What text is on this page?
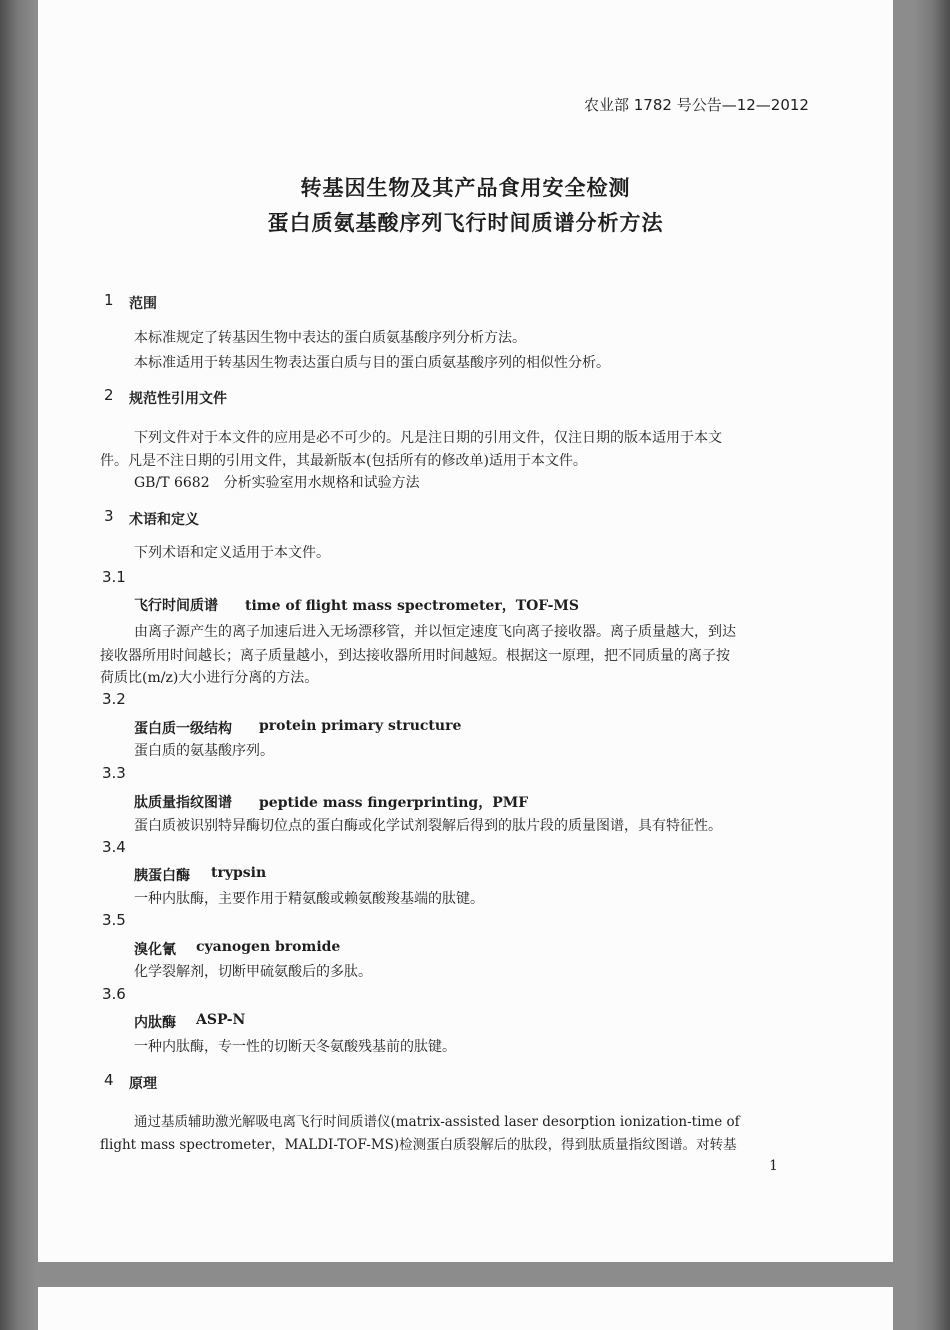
农业部 1782 号公告—12—2012
转基因生物及其产品食用安全检测
蛋白质氨基酸序列飞行时间质谱分析方法
1 范围
本标准规定了转基因生物中表达的蛋白质氨基酸序列分析方法。
本标准适用于转基因生物表达蛋白质与目的蛋白质氨基酸序列的相似性分析。
2 规范性引用文件
下列文件对于本文件的应用是必不可少的。凡是注日期的引用文件，仅注日期的版本适用于本文
件。凡是不注日期的引用文件，其最新版本(包括所有的修改单)适用于本文件。
GB/T 6682　分析实验室用水规格和试验方法
3 术语和定义
下列术语和定义适用于本文件。
3.1
飞行时间质谱 time of flight mass spectrometer，TOF-MS
由离子源产生的离子加速后进入无场漂移管，并以恒定速度飞向离子接收器。离子质量越大，到达
接收器所用时间越长；离子质量越小，到达接收器所用时间越短。根据这一原理，把不同质量的离子按
荷质比(m/z)大小进行分离的方法。
3.2
蛋白质一级结构 protein primary structure
蛋白质的氨基酸序列。
3.3
肽质量指纹图谱 peptide mass fingerprinting，PMF
蛋白质被识别特异酶切位点的蛋白酶或化学试剂裂解后得到的肽片段的质量图谱，具有特征性。
3.4
胰蛋白酶 trypsin
一种内肽酶，主要作用于精氨酸或赖氨酸羧基端的肽键。
3.5
溴化氰 cyanogen bromide
化学裂解剂，切断甲硫氨酸后的多肽。
3.6
内肽酶 ASP-N
一种内肽酶，专一性的切断天冬氨酸残基前的肽键。
4 原理
通过基质辅助激光解吸电离飞行时间质谱仪(matrix-assisted laser desorption ionization-time of
flight mass spectrometer，MALDI-TOF-MS)检测蛋白质裂解后的肽段，得到肽质量指纹图谱。对转基
1
